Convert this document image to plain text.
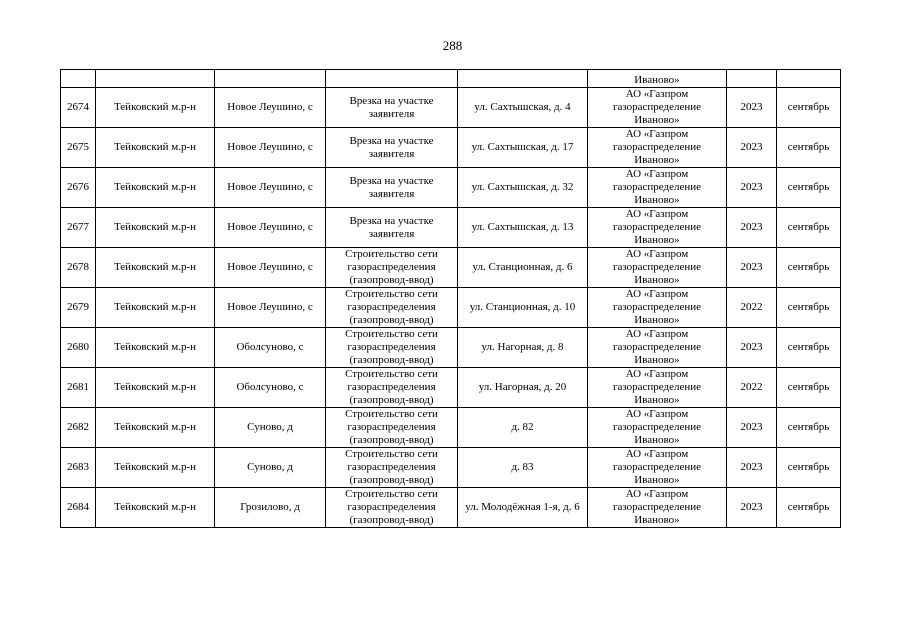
288
					Иваново»		
2674	Тейковский м.р-н	Новое Леушино, с	Врезка на участке заявителя	ул. Сахтышская, д. 4	АО «Газпром газораспределение Иваново»	2023	сентябрь
2675	Тейковский м.р-н	Новое Леушино, с	Врезка на участке заявителя	ул. Сахтышская, д. 17	АО «Газпром газораспределение Иваново»	2023	сентябрь
2676	Тейковский м.р-н	Новое Леушино, с	Врезка на участке заявителя	ул. Сахтышская, д. 32	АО «Газпром газораспределение Иваново»	2023	сентябрь
2677	Тейковский м.р-н	Новое Леушино, с	Врезка на участке заявителя	ул. Сахтышская, д. 13	АО «Газпром газораспределение Иваново»	2023	сентябрь
2678	Тейковский м.р-н	Новое Леушино, с	Строительство сети газораспределения (газопровод-ввод)	ул. Станционная, д. 6	АО «Газпром газораспределение Иваново»	2023	сентябрь
2679	Тейковский м.р-н	Новое Леушино, с	Строительство сети газораспределения (газопровод-ввод)	ул. Станционная, д. 10	АО «Газпром газораспределение Иваново»	2022	сентябрь
2680	Тейковский м.р-н	Оболсуново, с	Строительство сети газораспределения (газопровод-ввод)	ул. Нагорная, д. 8	АО «Газпром газораспределение Иваново»	2023	сентябрь
2681	Тейковский м.р-н	Оболсуново, с	Строительство сети газораспределения (газопровод-ввод)	ул. Нагорная, д. 20	АО «Газпром газораспределение Иваново»	2022	сентябрь
2682	Тейковский м.р-н	Суново, д	Строительство сети газораспределения (газопровод-ввод)	д. 82	АО «Газпром газораспределение Иваново»	2023	сентябрь
2683	Тейковский м.р-н	Суново, д	Строительство сети газораспределения (газопровод-ввод)	д. 83	АО «Газпром газораспределение Иваново»	2023	сентябрь
2684	Тейковский м.р-н	Грозилово, д	Строительство сети газораспределения (газопровод-ввод)	ул. Молодёжная 1-я, д. 6	АО «Газпром газораспределение Иваново»	2023	сентябрь
